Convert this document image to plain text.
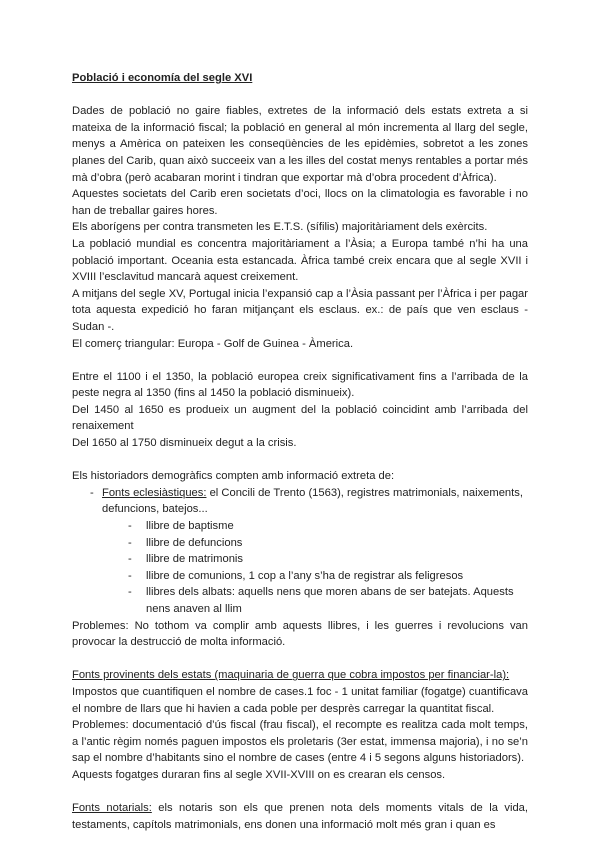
Població i economía del segle XVI

Dades de població no gaire fiables, extretes de la informació dels estats extreta a si mateixa de la informació fiscal; la població en general al món incrementa al llarg del segle, menys a Amèrica on pateixen les conseqüències de les epidèmies, sobretot a les zones planes del Carib, quan això succeeix van a les illes del costat menys rentables a portar més mà d’obra (però acabaran morint i tindran que exportar mà d’obra procedent d’Àfrica).

Aquestes societats del Carib eren societats d’oci, llocs on la climatologia es favorable i no han de treballar gaires hores.

Els aborígens per contra transmeten les E.T.S. (sífilis) majoritàriament dels exèrcits.

La població mundial es concentra majoritàriament a l’Àsia; a Europa també n’hi ha una població important. Oceania esta estancada. Àfrica també creix encara que al segle XVII i XVIII l’esclavitud mancarà aquest creixement.

A mitjans del segle XV, Portugal inicia l’expansió cap a l’Àsia passant per l’Àfrica i per pagar tota aquesta expedició ho faran mitjançant els esclaus. ex.: de país que ven esclaus - Sudan -.

El comerç triangular: Europa - Golf de Guinea - Àmerica.

Entre el 1100 i el 1350, la població europea creix significativament fins a l’arribada de la peste negra al 1350 (fins al 1450 la població disminueix).

Del 1450 al 1650 es produeix un augment del la població coincidint amb l’arribada del renaixement

Del 1650 al 1750 disminueix degut a la crisis.

Els historiadors demogràfics compten amb informació extreta de:

- Fonts eclesiàstiques: el Concili de Trento (1563), registres matrimonials, naixements, defuncions, batejos...
- llibre de baptisme
- llibre de defuncions
- llibre de matrimonis
- llibre de comunions, 1 cop a l’any s’ha de registrar als feligresos
- llibres dels albats: aquells nens que moren abans de ser batejats. Aquests nens anaven al llim

Problemes: No tothom va complir amb aquests llibres, i les guerres i revolucions van provocar la destrucció de molta informació.

Fonts provinents dels estats (maquinaria de guerra que cobra impostos per financiar-la):

Impostos que cuantifiquen el nombre de cases.1 foc - 1 unitat familiar (fogatge) cuantificava el nombre de llars que hi havien a cada poble per desprès carregar la quantitat fiscal.

Problemes: documentació d’ús fiscal (frau fiscal), el recompte es realitza cada molt temps, a l’antic règim només paguen impostos els proletaris (3er estat, immensa majoria), i no se’n sap el nombre d’habitants sino el nombre de cases (entre 4 i 5 segons alguns historiadors).

Aquests fogatges duraran fins al segle XVII-XVIII on es crearan els censos.

Fonts notarials: els notaris son els que prenen nota dels moments vitals de la vida, testaments, capítols matrimonials, ens donen una informació molt més gran i quan es
